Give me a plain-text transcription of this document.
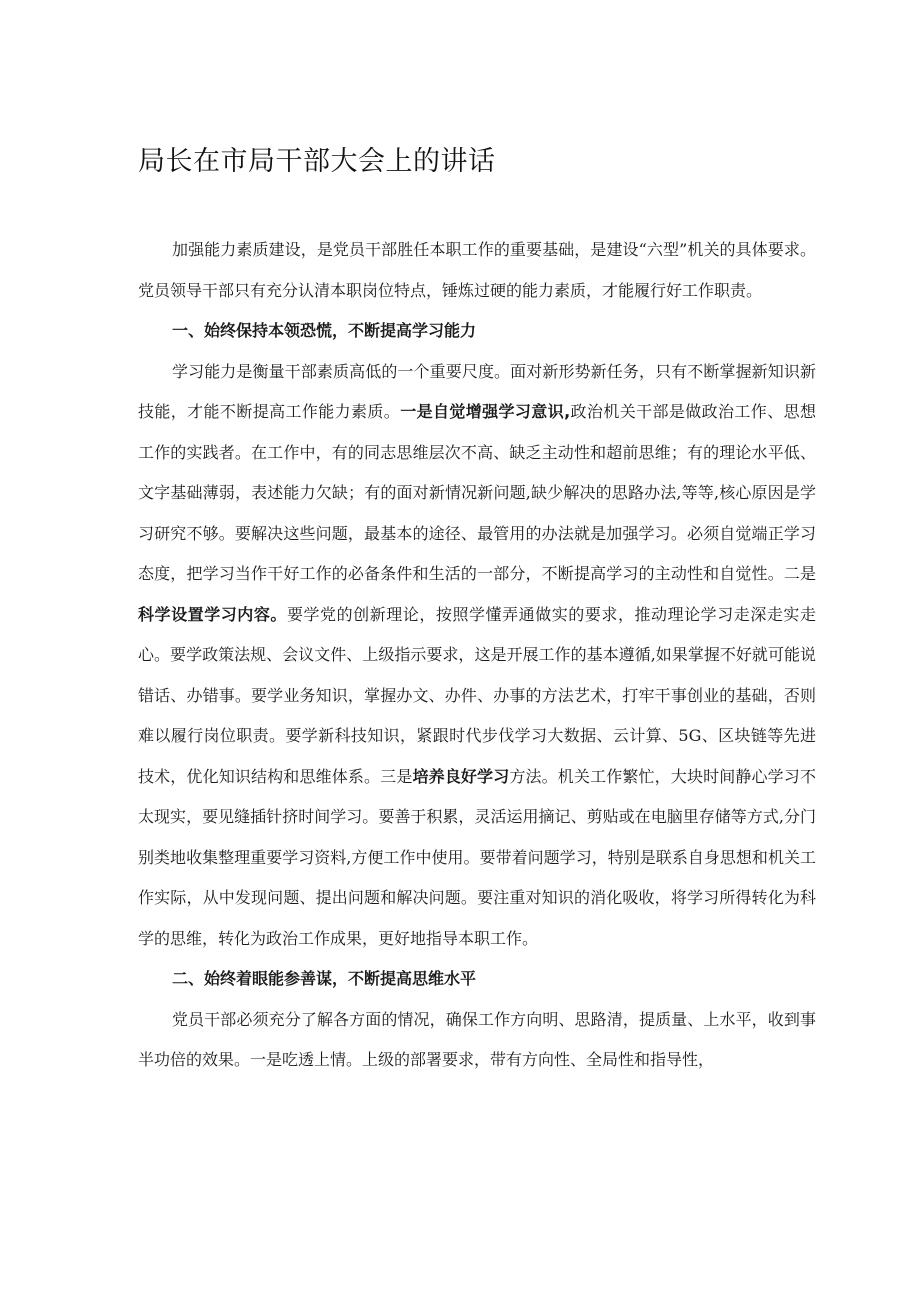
局长在市局干部大会上的讲话

加强能力素质建设，是党员干部胜任本职工作的重要基础，是建设“六型”机关的具体要求。党员领导干部只有充分认清本职岗位特点，锤炼过硬的能力素质，才能履行好工作职责。

一、始终保持本领恐慌，不断提高学习能力

学习能力是衡量干部素质高低的一个重要尺度。面对新形势新任务，只有不断掌握新知识新技能，才能不断提高工作能力素质。一是自觉增强学习意识,政治机关干部是做政治工作、思想工作的实践者。在工作中，有的同志思维层次不高、缺乏主动性和超前思维；有的理论水平低、文字基础薄弱，表述能力欠缺；有的面对新情况新问题,缺少解决的思路办法,等等,核心原因是学习研究不够。要解决这些问题，最基本的途径、最管用的办法就是加强学习。必须自觉端正学习态度，把学习当作干好工作的必备条件和生活的一部分，不断提高学习的主动性和自觉性。二是科学设置学习内容。要学党的创新理论，按照学懂弄通做实的要求，推动理论学习走深走实走心。要学政策法规、会议文件、上级指示要求，这是开展工作的基本遵循,如果掌握不好就可能说错话、办错事。要学业务知识，掌握办文、办件、办事的方法艺术，打牢干事创业的基础，否则难以履行岗位职责。要学新科技知识，紧跟时代步伐学习大数据、云计算、5G、区块链等先进技术，优化知识结构和思维体系。三是培养良好学习方法。机关工作繁忙，大块时间静心学习不太现实，要见缝插针挤时间学习。要善于积累，灵活运用摘记、剪贴或在电脑里存储等方式,分门别类地收集整理重要学习资料,方便工作中使用。要带着问题学习，特别是联系自身思想和机关工作实际，从中发现问题、提出问题和解决问题。要注重对知识的消化吸收，将学习所得转化为科学的思维，转化为政治工作成果，更好地指导本职工作。

二、始终着眼能参善谋，不断提高思维水平

党员干部必须充分了解各方面的情况，确保工作方向明、思路清，提质量、上水平，收到事半功倍的效果。一是吃透上情。上级的部署要求，带有方向性、全局性和指导性，
